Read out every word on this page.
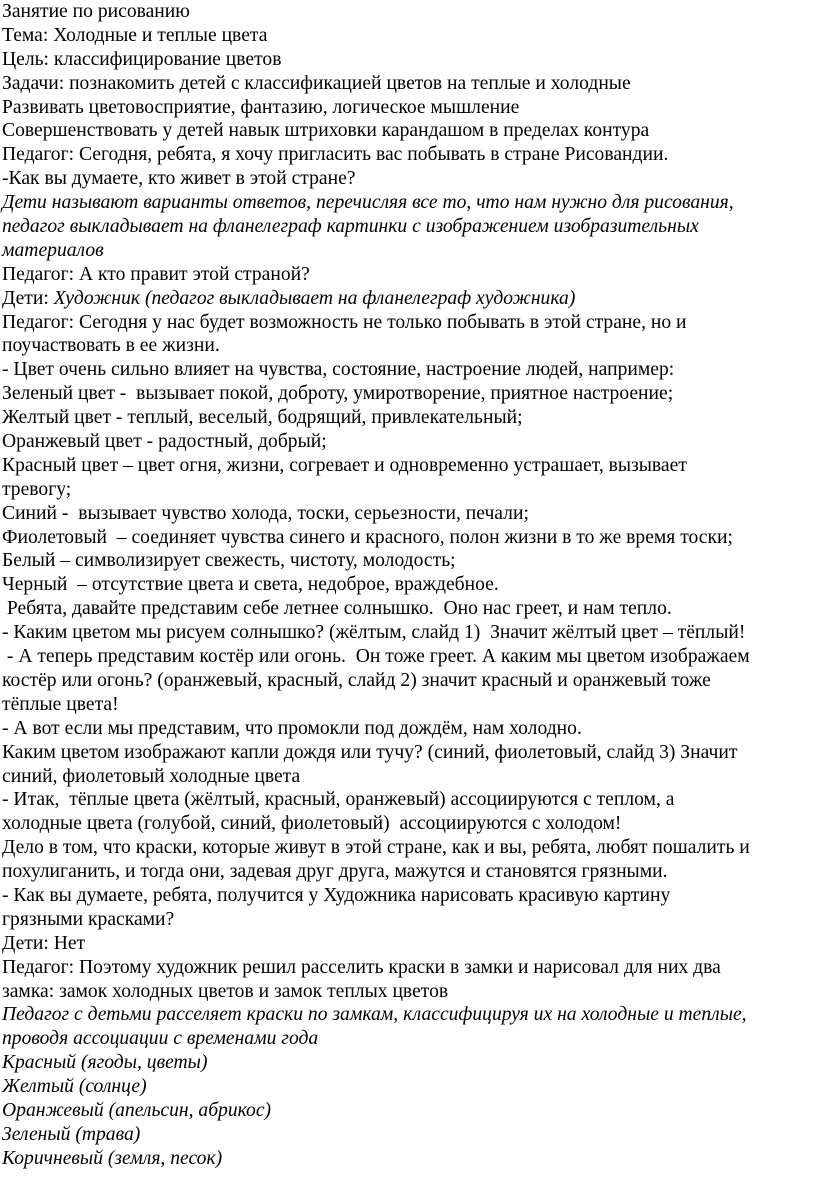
Занятие по рисованию
Тема: Холодные и теплые цвета
Цель: классифицирование цветов
Задачи: познакомить детей с классификацией цветов на теплые и холодные
Развивать цветовосприятие, фантазию, логическое мышление
Совершенствовать у детей навык штриховки карандашом в пределах контура
Педагог: Сегодня, ребята, я хочу пригласить вас побывать в стране Рисовандии.
-Как вы думаете, кто живет в этой стране?
Дети называют варианты ответов, перечисляя все то, что нам нужно для рисования,
педагог выкладывает на фланелеграф картинки с изображением изобразительных
материалов
Педагог: А кто правит этой страной?
Дети: Художник (педагог выкладывает на фланелеграф художника)
Педагог: Сегодня у нас будет возможность не только побывать в этой стране, но и
поучаствовать в ее жизни.
- Цвет очень сильно влияет на чувства, состояние, настроение людей, например:
Зеленый цвет -  вызывает покой, доброту, умиротворение, приятное настроение;
Желтый цвет - теплый, веселый, бодрящий, привлекательный;
Оранжевый цвет - радостный, добрый;
Красный цвет – цвет огня, жизни, согревает и одновременно устрашает, вызывает
тревогу;
Синий -  вызывает чувство холода, тоски, серьезности, печали;
Фиолетовый  – соединяет чувства синего и красного, полон жизни в то же время тоски;
Белый – символизирует свежесть, чистоту, молодость;
Черный  – отсутствие цвета и света, недоброе, враждебное.
Ребята, давайте представим себе летнее солнышко.  Оно нас греет, и нам тепло.
- Каким цветом мы рисуем солнышко? (жёлтым, слайд 1)  Значит жёлтый цвет – тёплый!
- А теперь представим костёр или огонь.  Он тоже греет. А каким мы цветом изображаем
костёр или огонь? (оранжевый, красный, слайд 2) значит красный и оранжевый тоже
тёплые цвета!
- А вот если мы представим, что промокли под дождём, нам холодно.
Каким цветом изображают капли дождя или тучу? (синий, фиолетовый, слайд 3) Значит
синий, фиолетовый холодные цвета
- Итак,  тёплые цвета (жёлтый, красный, оранжевый) ассоциируются с теплом, а
холодные цвета (голубой, синий, фиолетовый)  ассоциируются с холодом!
Дело в том, что краски, которые живут в этой стране, как и вы, ребята, любят пошалить и
похулиганить, и тогда они, задевая друг друга, мажутся и становятся грязными.
- Как вы думаете, ребята, получится у Художника нарисовать красивую картину
грязными красками?
Дети: Нет
Педагог: Поэтому художник решил расселить краски в замки и нарисовал для них два
замка: замок холодных цветов и замок теплых цветов
Педагог с детьми расселяет краски по замкам, классифицируя их на холодные и теплые,
проводя ассоциации с временами года
Красный (ягоды, цветы)
Желтый (солнце)
Оранжевый (апельсин, абрикос)
Зеленый (трава)
Коричневый (земля, песок)
